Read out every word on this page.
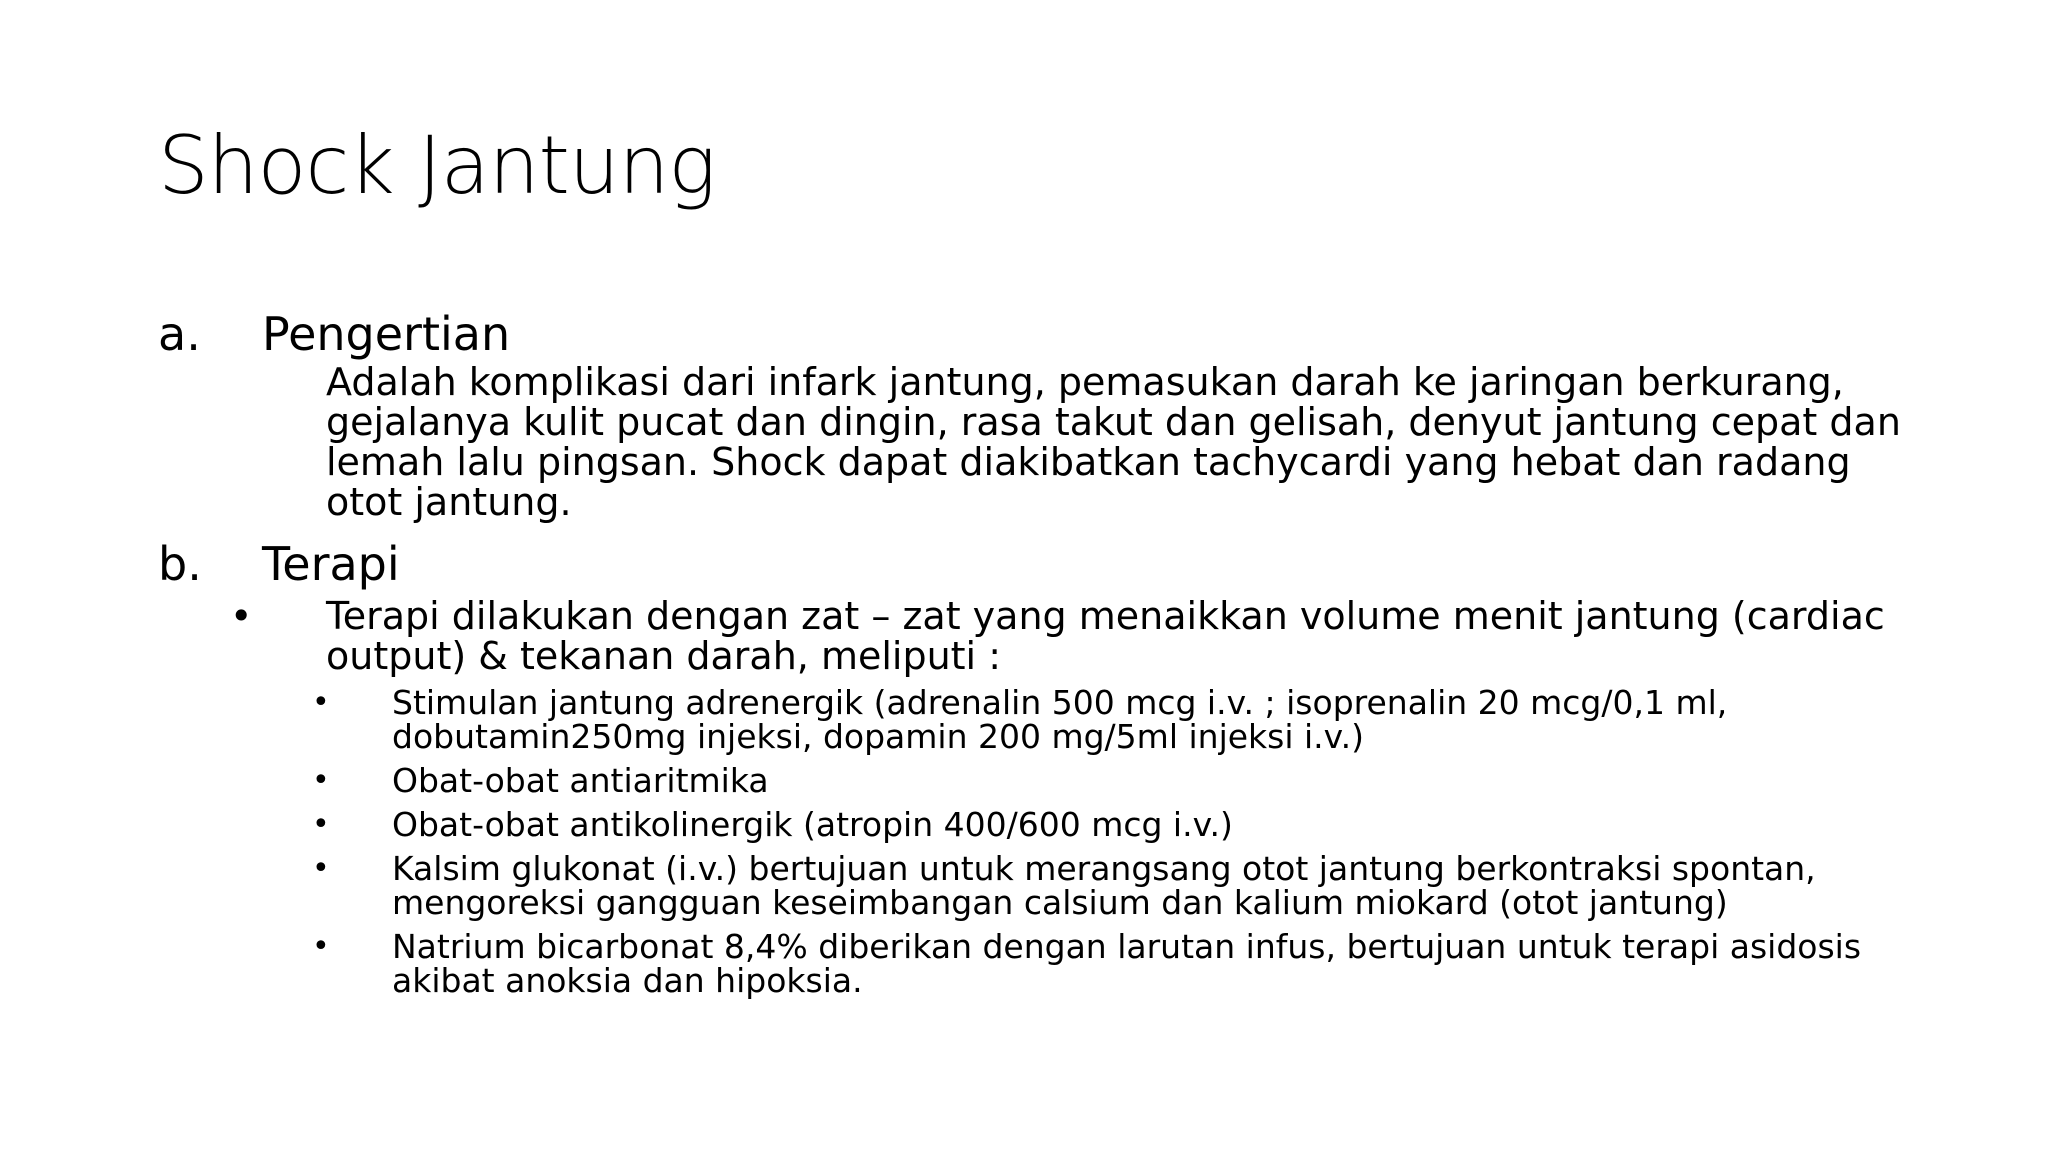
Shock Jantung
a. Pengertian
Adalah komplikasi dari infark jantung, pemasukan darah ke jaringan berkurang,
gejalanya kulit pucat dan dingin, rasa takut dan gelisah, denyut jantung cepat dan
lemah lalu pingsan. Shock dapat diakibatkan tachycardi yang hebat dan radang
otot jantung.
b. Terapi
• Terapi dilakukan dengan zat – zat yang menaikkan volume menit jantung (cardiac
output) & tekanan darah, meliputi :
• Stimulan jantung adrenergik (adrenalin 500 mcg i.v. ; isoprenalin 20 mcg/0,1 ml,
dobutamin250mg injeksi, dopamin 200 mg/5ml injeksi i.v.)
• Obat-obat antiaritmika
• Obat-obat antikolinergik (atropin 400/600 mcg i.v.)
• Kalsim glukonat (i.v.) bertujuan untuk merangsang otot jantung berkontraksi spontan,
mengoreksi gangguan keseimbangan calsium dan kalium miokard (otot jantung)
• Natrium bicarbonat 8,4% diberikan dengan larutan infus, bertujuan untuk terapi asidosis
akibat anoksia dan hipoksia.
